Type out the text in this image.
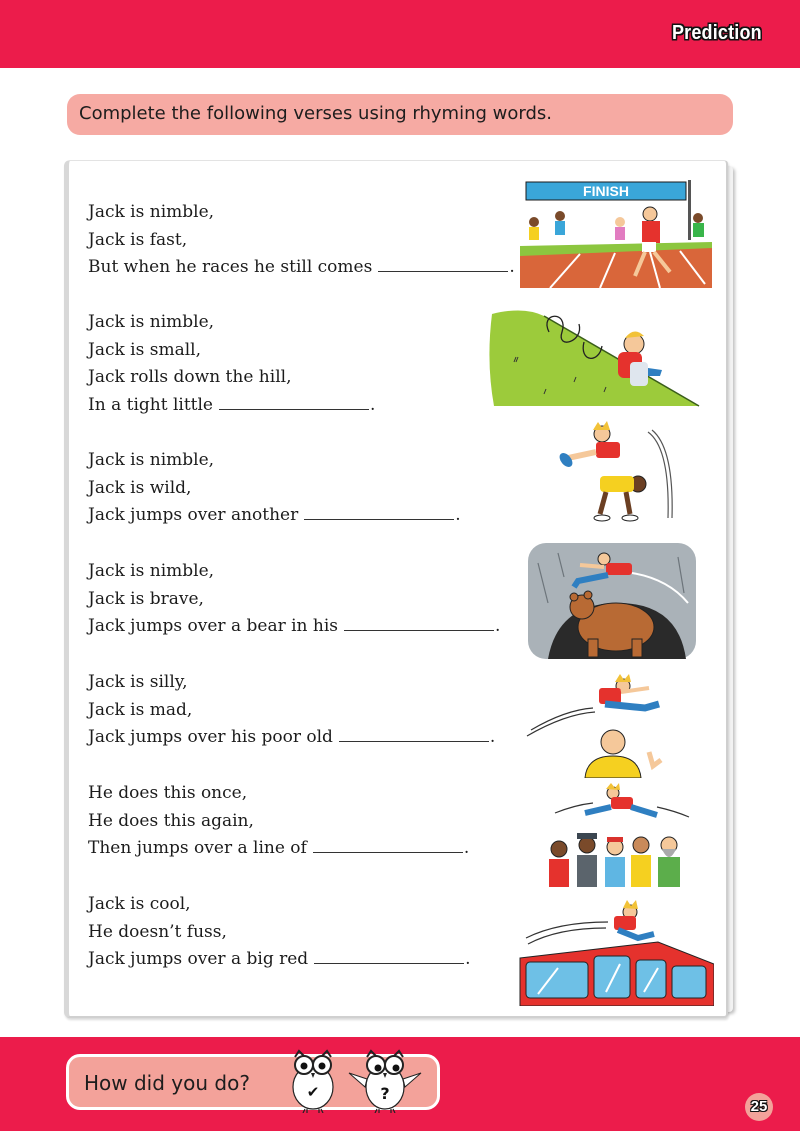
Prediction
Complete the following verses using rhyming words.
Jack is nimble,
Jack is fast,
But when he races he still comes	.
Jack is nimble,
Jack is small,
Jack rolls down the hill,
In a tight little	.
Jack is nimble,
Jack is wild,
Jack jumps over another	.
Jack is nimble,
Jack is brave,
Jack jumps over a bear in his	.
Jack is silly,
Jack is mad,
Jack jumps over his poor old	.
He does this once,
He does this again,
Then jumps over a line of	.
Jack is cool,
He doesn’t fuss,
Jack jumps over a big red	.
FINISH
How did you do?	✔	?
25
